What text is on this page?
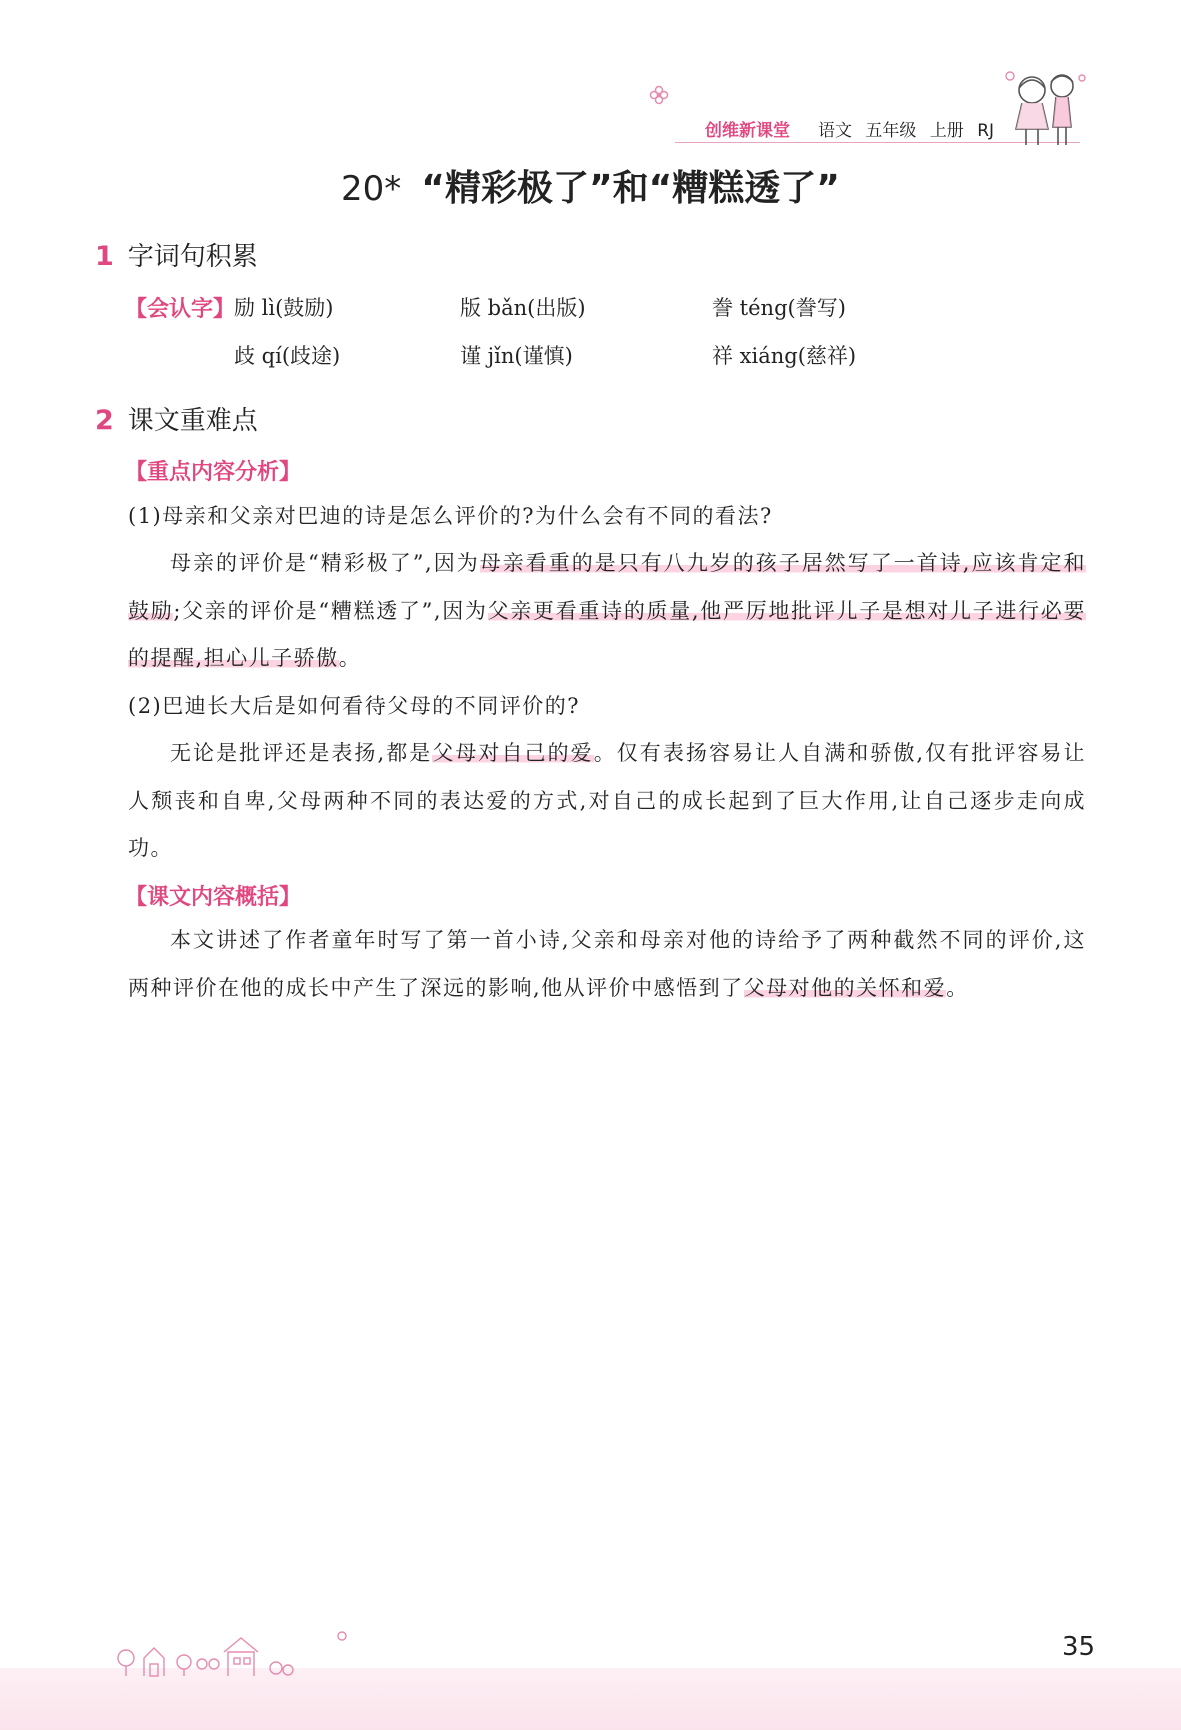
创维新课堂 语文 五年级 上册 RJ
20* “精彩极了”和“糟糕透了”
1 字词句积累
【会认字】
励 lì(鼓励)	版 bǎn(出版)	誊 téng(誊写)
歧 qí(歧途)	谨 jǐn(谨慎)	祥 xiáng(慈祥)
2 课文重难点
【重点内容分析】
(1)母亲和父亲对巴迪的诗是怎么评价的?为什么会有不同的看法?
母亲的评价是“精彩极了”,因为母亲看重的是只有八九岁的孩子居然写了一首诗,应该肯定和鼓励;父亲的评价是“糟糕透了”,因为父亲更看重诗的质量,他严厉地批评儿子是想对儿子进行必要的提醒,担心儿子骄傲。
(2)巴迪长大后是如何看待父母的不同评价的?
无论是批评还是表扬,都是父母对自己的爱。仅有表扬容易让人自满和骄傲,仅有批评容易让人颓丧和自卑,父母两种不同的表达爱的方式,对自己的成长起到了巨大作用,让自己逐步走向成功。
【课文内容概括】
本文讲述了作者童年时写了第一首小诗,父亲和母亲对他的诗给予了两种截然不同的评价,这两种评价在他的成长中产生了深远的影响,他从评价中感悟到了父母对他的关怀和爱。
35
